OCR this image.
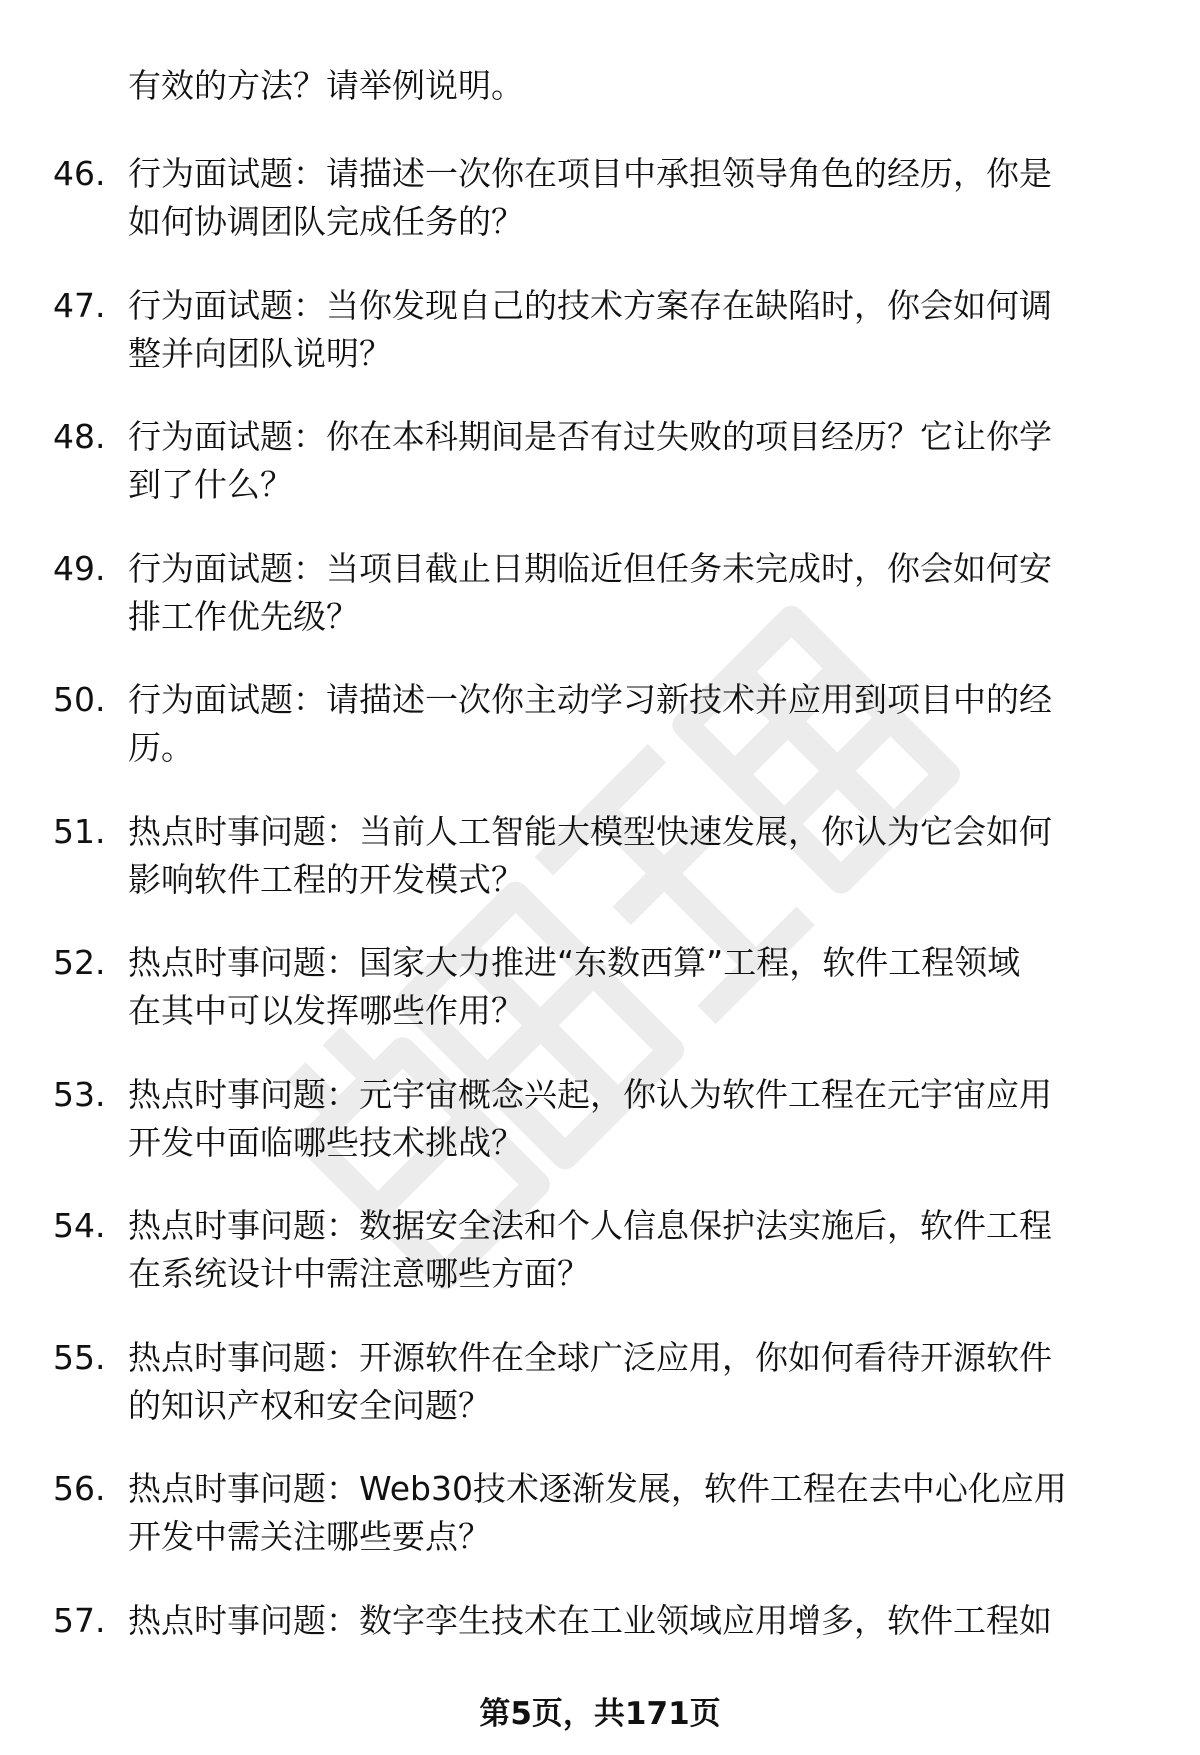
有效的方法？请举例说明。
46. 行为面试题：请描述一次你在项目中承担领导角色的经历，你是
如何协调团队完成任务的？
47. 行为面试题：当你发现自己的技术方案存在缺陷时，你会如何调
整并向团队说明？
48. 行为面试题：你在本科期间是否有过失败的项目经历？它让你学
到了什么？
49. 行为面试题：当项目截止日期临近但任务未完成时，你会如何安
排工作优先级？
50. 行为面试题：请描述一次你主动学习新技术并应用到项目中的经
历。
51. 热点时事问题：当前人工智能大模型快速发展，你认为它会如何
影响软件工程的开发模式？
52. 热点时事问题：国家大力推进“东数西算”工程，软件工程领域
在其中可以发挥哪些作用？
53. 热点时事问题：元宇宙概念兴起，你认为软件工程在元宇宙应用
开发中面临哪些技术挑战？
54. 热点时事问题：数据安全法和个人信息保护法实施后，软件工程
在系统设计中需注意哪些方面？
55. 热点时事问题：开源软件在全球广泛应用，你如何看待开源软件
的知识产权和安全问题？
56. 热点时事问题：Web30技术逐渐发展，软件工程在去中心化应用
开发中需关注哪些要点？
57. 热点时事问题：数字孪生技术在工业领域应用增多，软件工程如
第5页，共171页
